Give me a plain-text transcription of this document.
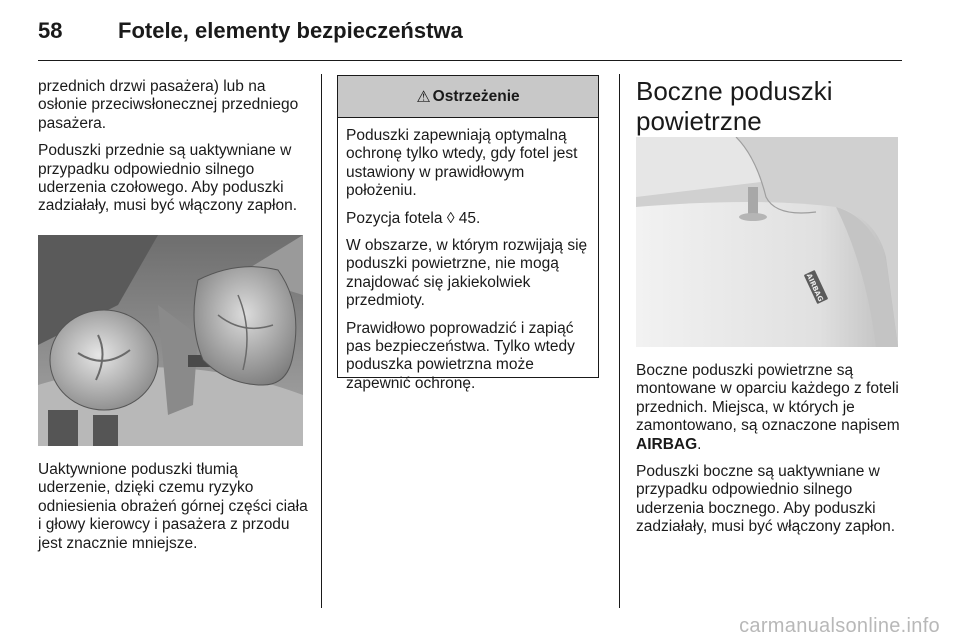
58	Fotele, elementy bezpieczeństwa

przednich drzwi pasażera) lub na osłonie przeciwsłonecznej przedniego pasażera.

Poduszki przednie są uaktywniane w przypadku odpowiednio silnego uderzenia czołowego. Aby poduszki zadziałały, musi być włączony zapłon.

Uaktywnione poduszki tłumią uderzenie, dzięki czemu ryzyko odniesienia obrażeń górnej części ciała i głowy kierowcy i pasażera z przodu jest znacznie mniejsze.

⚠ Ostrzeżenie

Poduszki zapewniają optymalną ochronę tylko wtedy, gdy fotel jest ustawiony w prawidłowym położeniu.

Pozycja fotela ◊ 45.

W obszarze, w którym rozwijają się poduszki powietrzne, nie mogą znajdować się jakiekolwiek przedmioty.

Prawidłowo poprowadzić i zapiąć pas bezpieczeństwa. Tylko wtedy poduszka powietrzna może zapewnić ochronę.

Boczne poduszki powietrzne
AIRBAG

Boczne poduszki powietrzne są montowane w oparciu każdego z foteli przednich. Miejsca, w których je zamontowano, są oznaczone napisem AIRBAG.

Poduszki boczne są uaktywniane w przypadku odpowiednio silnego uderzenia bocznego. Aby poduszki zadziałały, musi być włączony zapłon.

carmanualsonline.info
